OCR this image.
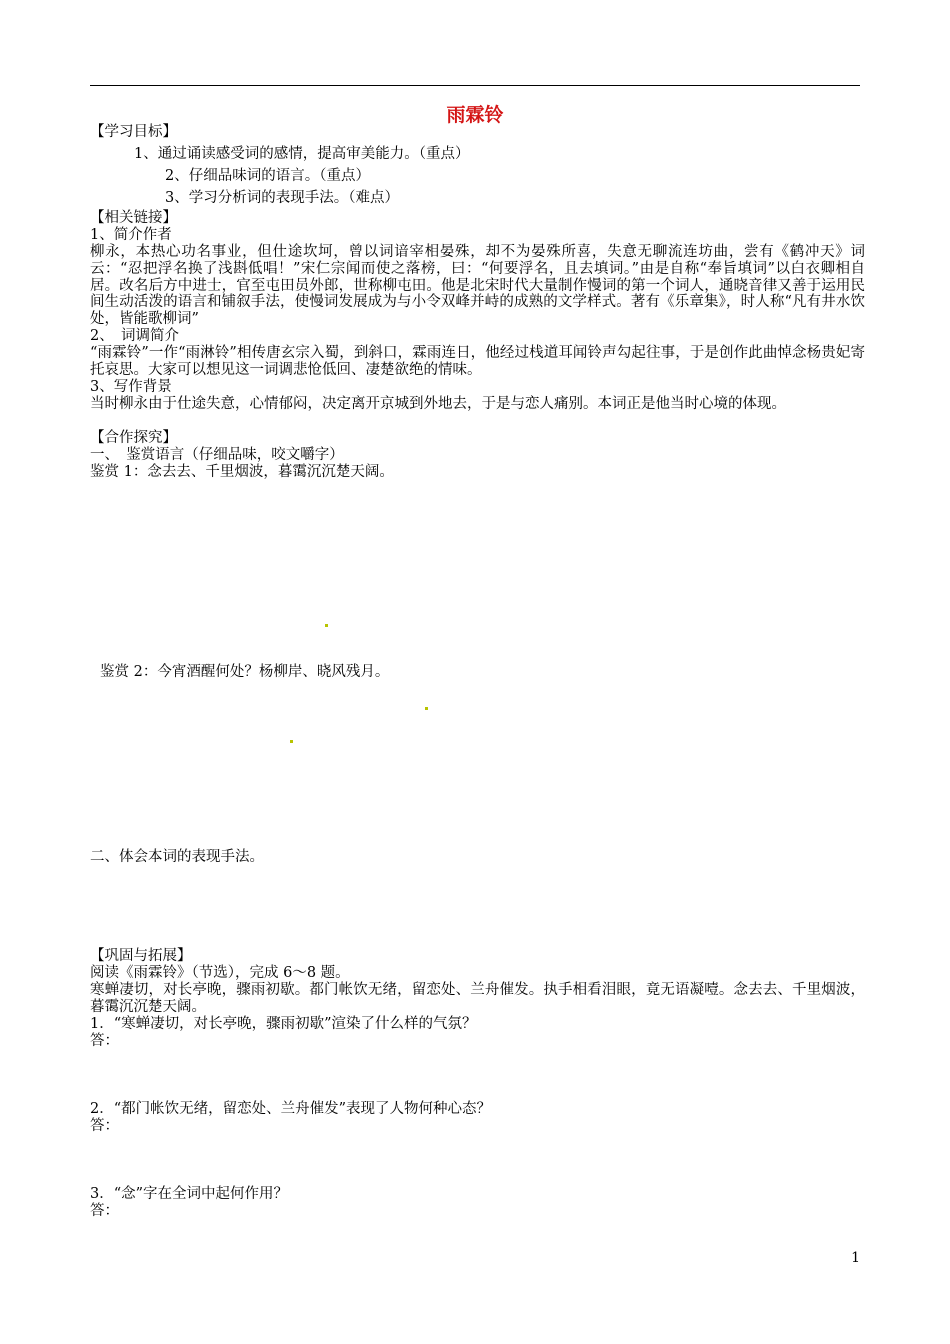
雨霖铃
【学习目标】
1、通过诵读感受词的感情，提高审美能力。（重点）
2、仔细品味词的语言。（重点）
3、学习分析词的表现手法。（难点）
【相关链接】
1、简介作者
柳永，本热心功名事业，但仕途坎坷，曾以词谙宰相晏殊，却不为晏殊所喜，失意无聊流连坊曲，尝有《鹤冲天》词云：“忍把浮名换了浅斟低唱！”宋仁宗闻而使之落榜，曰：“何要浮名，且去填词。”由是自称“奉旨填词”以白衣卿相自居。改名后方中进士，官至屯田员外郎，世称柳屯田。他是北宋时代大量制作慢词的第一个词人，通晓音律又善于运用民间生动活泼的语言和铺叙手法，使慢词发展成为与小令双峰并峙的成熟的文学样式。著有《乐章集》，时人称“凡有井水饮处，皆能歌柳词”
2、　词调简介
“雨霖铃”一作“雨淋铃”相传唐玄宗入蜀，到斜口，霖雨连日，他经过栈道耳闻铃声勾起往事，于是创作此曲悼念杨贵妃寄托哀思。大家可以想见这一词调悲怆低回、凄楚欲绝的情味。
3、写作背景
当时柳永由于仕途失意，心情郁闷，决定离开京城到外地去，于是与恋人痛别。本词正是他当时心境的体现。
【合作探究】
一、　鉴赏语言（仔细品味，咬文嚼字）
鉴赏 1：念去去、千里烟波，暮霭沉沉楚天阔。
鉴赏 2：今宵酒醒何处？杨柳岸、晓风残月。
二、体会本词的表现手法。
【巩固与拓展】
阅读《雨霖铃》（节选），完成 6～8 题。
寒蝉凄切，对长亭晚，骤雨初歇。都门帐饮无绪，留恋处、兰舟催发。执手相看泪眼，竟无语凝噎。念去去、千里烟波，暮霭沉沉楚天阔。
1．“寒蝉凄切，对长亭晚，骤雨初歇”渲染了什么样的气氛？
答：
2．“都门帐饮无绪，留恋处、兰舟催发”表现了人物何种心态？
答：
3．“念”字在全词中起何作用？
答：
1
